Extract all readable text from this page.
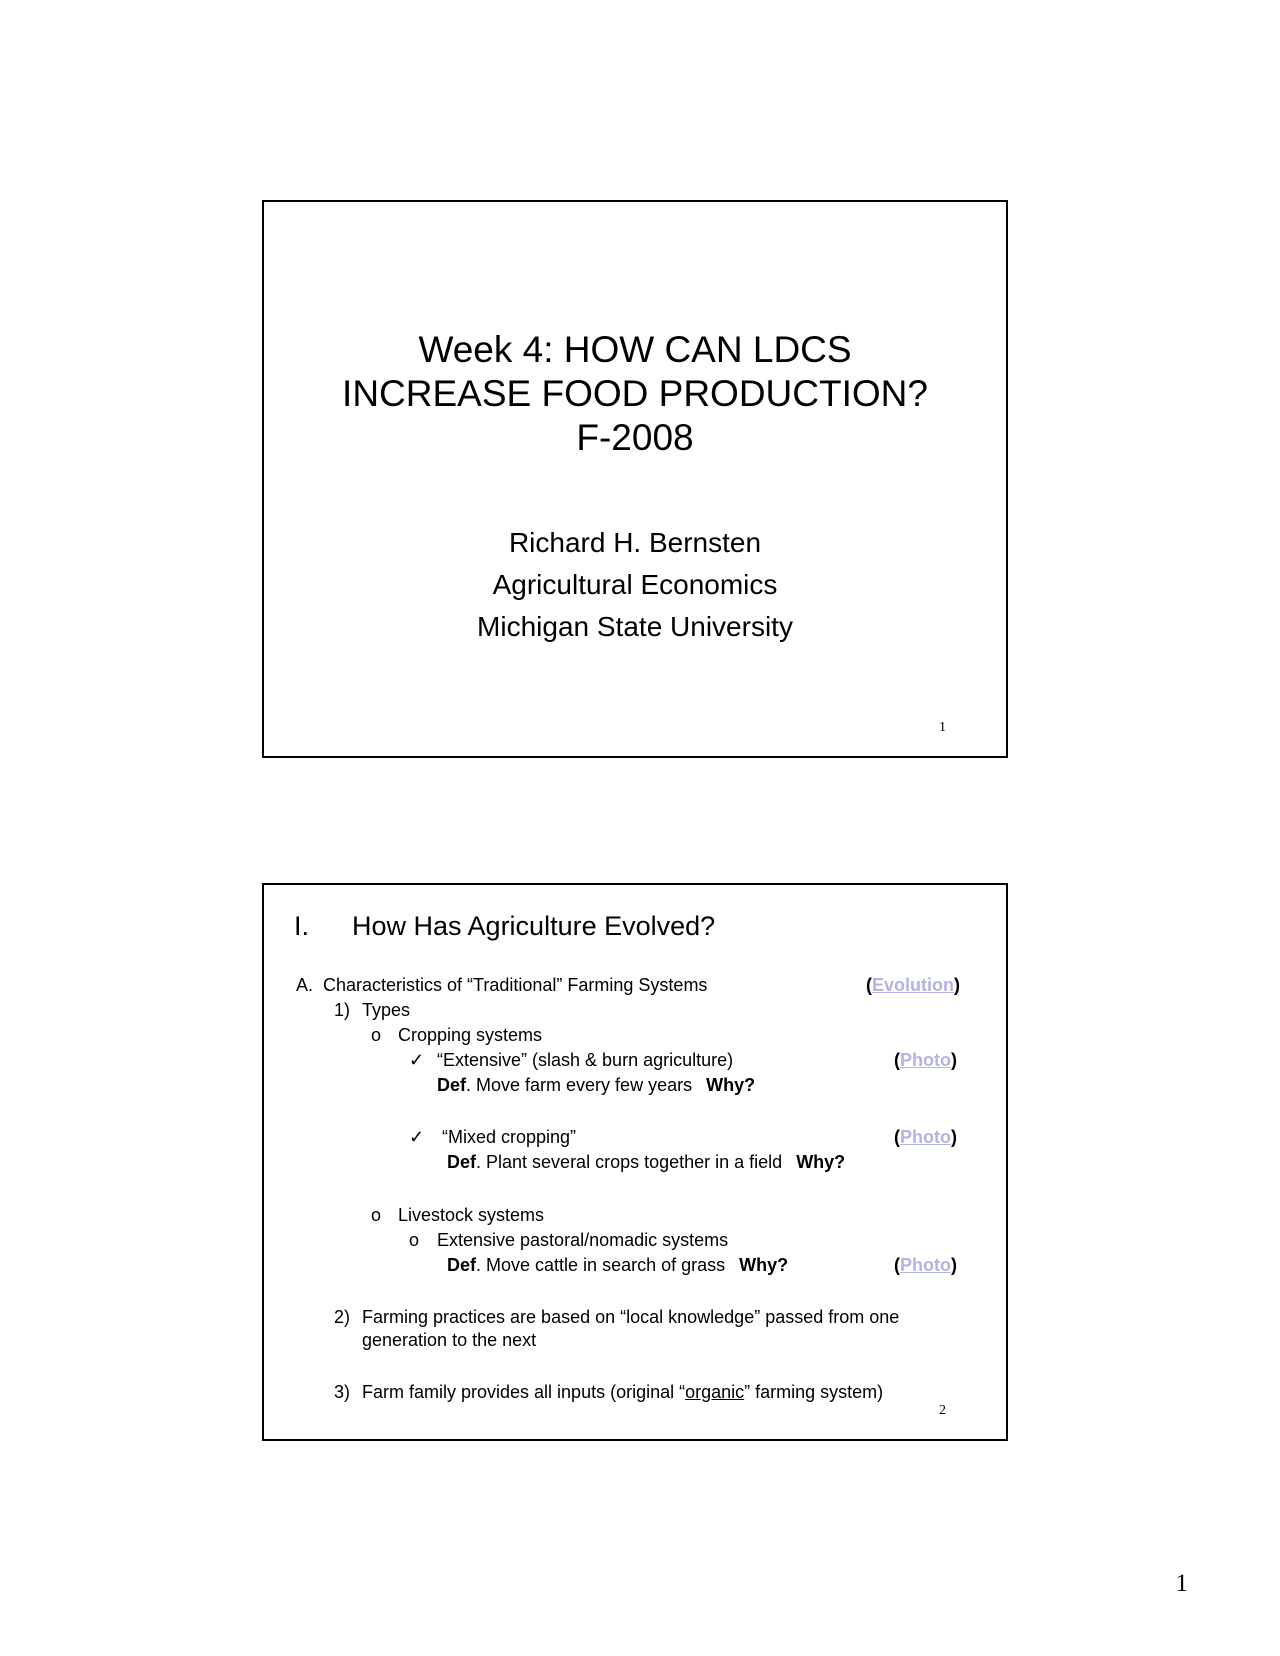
Week 4: HOW CAN LDCS
INCREASE FOOD PRODUCTION?
F-2008
Richard H. Bernsten
Agricultural Economics
Michigan State University
1
I. How Has Agriculture Evolved?
A. Characteristics of “Traditional” Farming Systems	(Evolution)
1) Types
o Cropping systems
✓ “Extensive” (slash & burn agriculture)	(Photo)
Def. Move farm every few years Why?
✓ “Mixed cropping”	(Photo)
Def. Plant several crops together in a field Why?
o Livestock systems
o Extensive pastoral/nomadic systems
Def. Move cattle in search of grass Why?	(Photo)
2) Farming practices are based on “local knowledge” passed from one
generation to the next
3) Farm family provides all inputs (original “organic” farming system)
2
1
